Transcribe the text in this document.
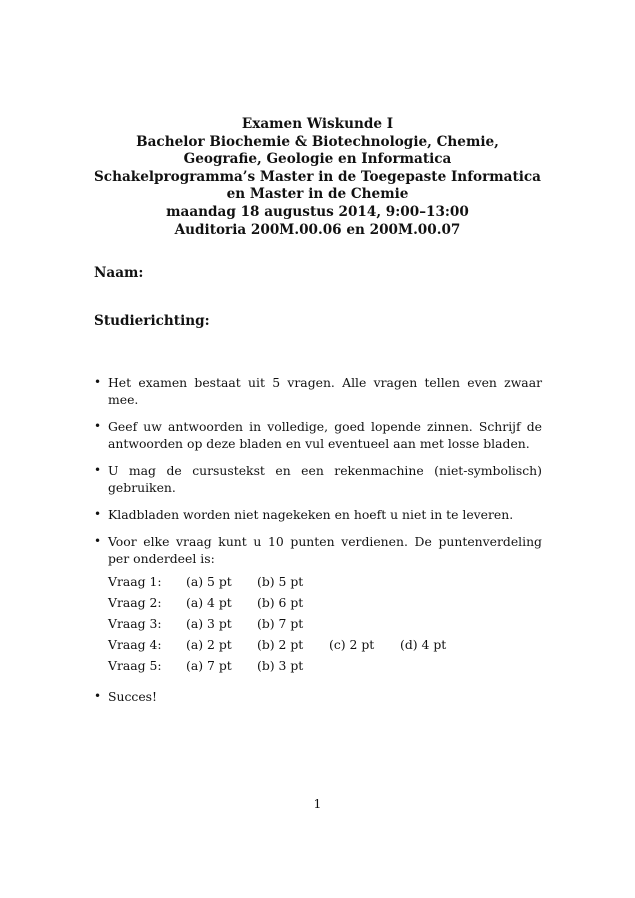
Examen Wiskunde I
Bachelor Biochemie & Biotechnologie, Chemie,
Geografie, Geologie en Informatica
Schakelprogramma’s Master in de Toegepaste Informatica
en Master in de Chemie
maandag 18 augustus 2014, 9:00–13:00
Auditoria 200M.00.06 en 200M.00.07
Naam:
Studierichting:
• Het examen bestaat uit 5 vragen. Alle vragen tellen even zwaar mee.
• Geef uw antwoorden in volledige, goed lopende zinnen. Schrijf de antwoorden op deze bladen en vul eventueel aan met losse bladen.
• U mag de cursustekst en een rekenmachine (niet-symbolisch) gebruiken.
• Kladbladen worden niet nagekeken en hoeft u niet in te leveren.
• Voor elke vraag kunt u 10 punten verdienen. De puntenverdeling per onderdeel is:
Vraag 1:	(a) 5 pt	(b) 5 pt		
Vraag 2:	(a) 4 pt	(b) 6 pt		
Vraag 3:	(a) 3 pt	(b) 7 pt		
Vraag 4:	(a) 2 pt	(b) 2 pt	(c) 2 pt	(d) 4 pt
Vraag 5:	(a) 7 pt	(b) 3 pt		
• Succes!
1
